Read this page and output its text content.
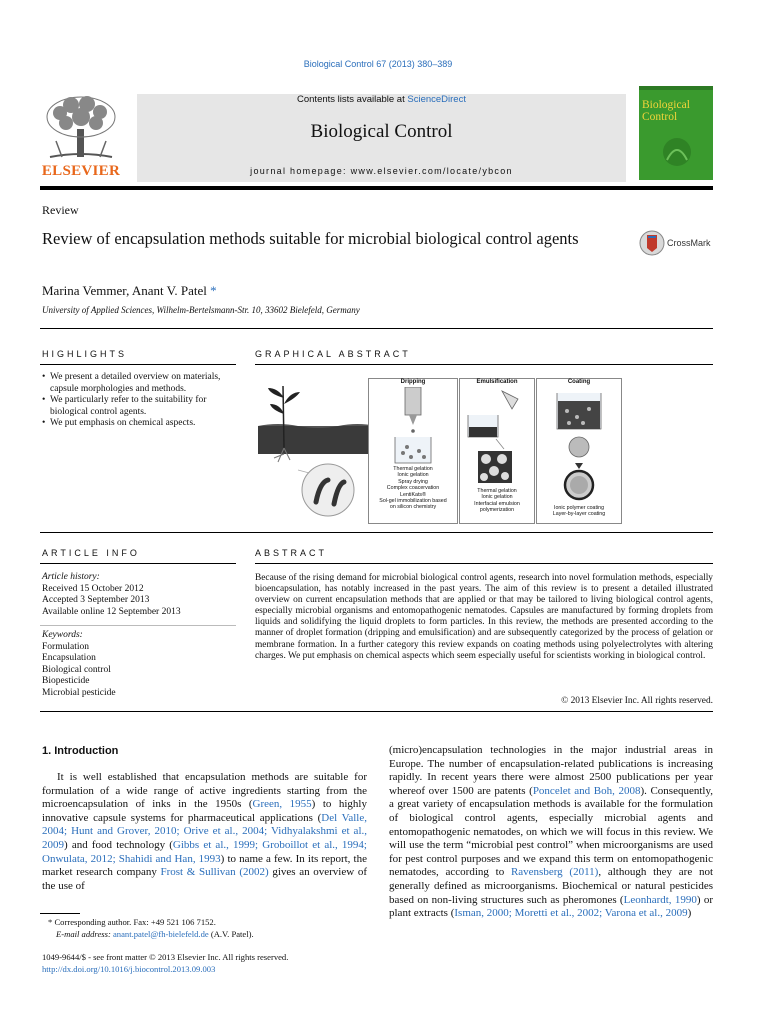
Biological Control 67 (2013) 380–389
ELSEVIER
Contents lists available at ScienceDirect
Biological Control
journal homepage: www.elsevier.com/locate/ybcon
Biological Control
Review
Review of encapsulation methods suitable for microbial biological control agents	CrossMark
Marina Vemmer, Anant V. Patel *
University of Applied Sciences, Wilhelm-Bertelsmann-Str. 10, 33602 Bielefeld, Germany
HIGHLIGHTS
• We present a detailed overview on materials, capsule morphologies and methods.
• We particularly refer to the suitability for biological control agents.
• We put emphasis on chemical aspects.
GRAPHICAL ABSTRACT
Dripping
Thermal gelation
Ionic gelation
Spray drying
Complex coacervation
LentiKats®
Sol-gel immobilization based
on silicon chemistry
Emulsification
Thermal gelation
Ionic gelation
Interfacial emulsion
polymerization
Coating
Ionic polymer coating
Layer-by-layer coating
ARTICLE INFO
Article history:
Received 15 October 2012
Accepted 3 September 2013
Available online 12 September 2013
Keywords:
Formulation
Encapsulation
Biological control
Biopesticide
Microbial pesticide
ABSTRACT
Because of the rising demand for microbial biological control agents, research into novel formulation methods, especially bioencapsulation, has notably increased in the past years. The aim of this review is to present a detailed illustrated overview on current encapsulation methods that are applied or that may be tailored to living biological control agents, especially microbial organisms and entomopathogenic nematodes. Capsules are manufactured by forming droplets from liquids and solidifying the liquid droplets to form particles. In this review, the methods are presented according to the manner of droplet formation (dripping and emulsification) and are subsequently categorized by the process of gelation or membrane formation. In a further category this review expands on coating methods using polyelectrolytes with altering charges. We put emphasis on chemical aspects which seem especially useful for scientists working in biological control.
© 2013 Elsevier Inc. All rights reserved.
1. Introduction
It is well established that encapsulation methods are suitable for formulation of a wide range of active ingredients starting from the microencapsulation of inks in the 1950s (Green, 1955) to highly innovative capsule systems for pharmaceutical applications (Del Valle, 2004; Hunt and Grover, 2010; Orive et al., 2004; Vidhyalakshmi et al., 2009) and food technology (Gibbs et al., 1999; Groboillot et al., 1994; Onwulata, 2012; Shahidi and Han, 1993) to name a few. In its report, the market research company Frost & Sullivan (2002) gives an overview of the use of
(micro)encapsulation technologies in the major industrial areas in Europe. The number of encapsulation-related publications is increasing rapidly. In recent years there were almost 2500 publications per year whereof over 1500 are patents (Poncelet and Boh, 2008). Consequently, a great variety of encapsulation methods is available for the formulation of biological control agents, especially microbial agents and entomopathogenic nematodes, on which we will focus in this review. We will use the term “microbial pest control” when microorganisms are used for pest control purposes and we expand this term on entomopathogenic nematodes, according to Ravensberg (2011), although they are not generally defined as microorganisms. Biochemical or natural pesticides based on non-living structures such as pheromones (Leonhardt, 1990) or plant extracts (Isman, 2000; Moretti et al., 2002; Varona et al., 2009)
* Corresponding author. Fax: +49 521 106 7152.
E-mail address: anant.patel@fh-bielefeld.de (A.V. Patel).
1049-9644/$ - see front matter © 2013 Elsevier Inc. All rights reserved.
http://dx.doi.org/10.1016/j.biocontrol.2013.09.003
